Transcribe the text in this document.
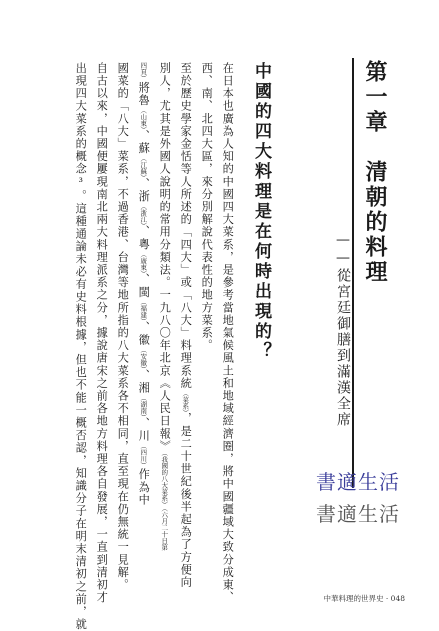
第一章　清朝的料理
——從宮廷御膳到滿漢全席
中國的四大料理是在何時出現的？
在日本也廣為人知的中國四大菜系，是參考當地氣候風土和地域經濟圈，將中國疆域大致分成東、
西、南、北四大區，來分別解說代表性的地方菜系。
至於歷史學家金恬等人所述的「四大」或「八大」料理系統（菜系），是二十世紀後半起為了方便向
別人，尤其是外國人說明的常用分類法。一九八〇年北京《人民日報》（我國的八大菜系）（六月二十日第
四頁）將魯（山東）、蘇（江蘇）、浙（浙江）、粵（廣東）、閩（福建）、徽（安徽）、湘（湖南）、川（四川）作為中
國菜的「八大」菜系，不過香港、台灣等地所指的八大菜系各不相同，直至現在仍無統一見解。
自古以來，中國便屢現南北兩大料理派系之分，據說唐宋之前各地方料理各自發展，一直到清初才
出現四大菜系的概念³。這種通論未必有史料根據，但也不能一概否認，知識分子在明末清初之前，就	書適生活
書適生活
中華料理的世界史 · 048
